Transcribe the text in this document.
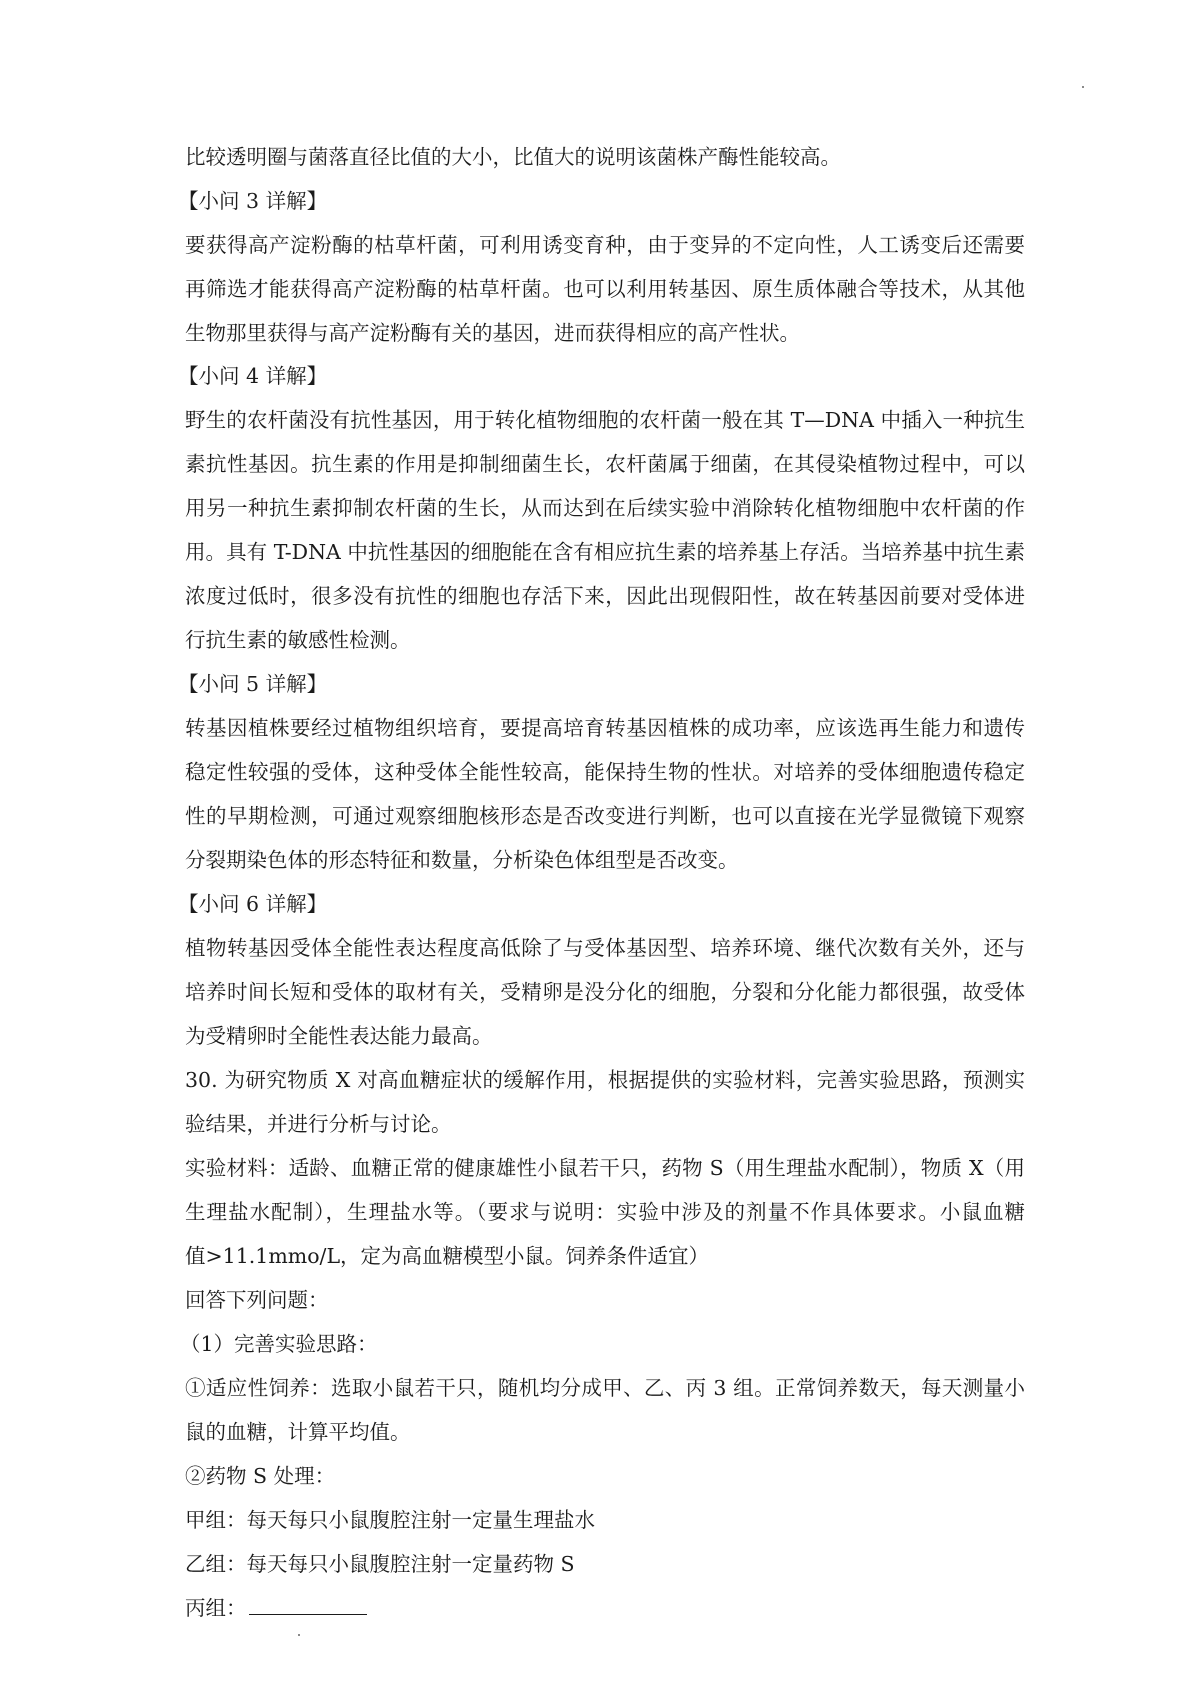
比较透明圈与菌落直径比值的大小，比值大的说明该菌株产酶性能较高。
【小问 3 详解】
要获得高产淀粉酶的枯草杆菌，可利用诱变育种，由于变异的不定向性，人工诱变后还需要
再筛选才能获得高产淀粉酶的枯草杆菌。也可以利用转基因、原生质体融合等技术，从其他
生物那里获得与高产淀粉酶有关的基因，进而获得相应的高产性状。
【小问 4 详解】
野生的农杆菌没有抗性基因，用于转化植物细胞的农杆菌一般在其 T—DNA 中插入一种抗生
素抗性基因。抗生素的作用是抑制细菌生长，农杆菌属于细菌，在其侵染植物过程中，可以
用另一种抗生素抑制农杆菌的生长，从而达到在后续实验中消除转化植物细胞中农杆菌的作
用。具有 T-DNA 中抗性基因的细胞能在含有相应抗生素的培养基上存活。当培养基中抗生素
浓度过低时，很多没有抗性的细胞也存活下来，因此出现假阳性，故在转基因前要对受体进
行抗生素的敏感性检测。
【小问 5 详解】
转基因植株要经过植物组织培育，要提高培育转基因植株的成功率，应该选再生能力和遗传
稳定性较强的受体，这种受体全能性较高，能保持生物的性状。对培养的受体细胞遗传稳定
性的早期检测，可通过观察细胞核形态是否改变进行判断，也可以直接在光学显微镜下观察
分裂期染色体的形态特征和数量，分析染色体组型是否改变。
【小问 6 详解】
植物转基因受体全能性表达程度高低除了与受体基因型、培养环境、继代次数有关外，还与
培养时间长短和受体的取材有关，受精卵是没分化的细胞，分裂和分化能力都很强，故受体
为受精卵时全能性表达能力最高。
30. 为研究物质 X 对高血糖症状的缓解作用，根据提供的实验材料，完善实验思路，预测实
验结果，并进行分析与讨论。
实验材料：适龄、血糖正常的健康雄性小鼠若干只，药物 S（用生理盐水配制），物质 X（用
生理盐水配制），生理盐水等。（要求与说明：实验中涉及的剂量不作具体要求。小鼠血糖
值>11.1mmo/L，定为高血糖模型小鼠。饲养条件适宜）
回答下列问题：
（1）完善实验思路：
①适应性饲养：选取小鼠若干只，随机均分成甲、乙、丙 3 组。正常饲养数天，每天测量小
鼠的血糖，计算平均值。
②药物 S 处理：
甲组：每天每只小鼠腹腔注射一定量生理盐水
乙组：每天每只小鼠腹腔注射一定量药物 S
丙组：
